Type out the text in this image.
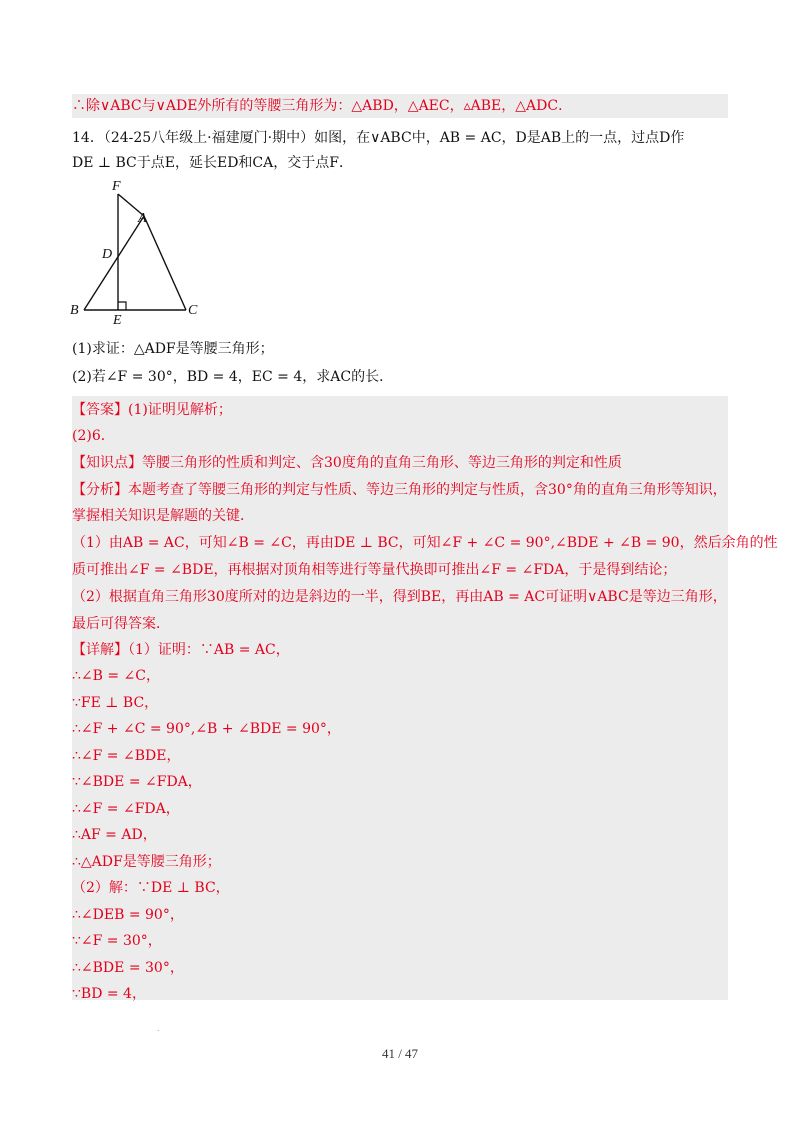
∴除∨ABC与∨ADE外所有的等腰三角形为：△ABD，△AEC，▵ABE，△ADC．
14．（24-25八年级上·福建厦门·期中）如图，在∨ABC中，AB = AC，D是AB上的一点，过点D作
DE ⊥ BC于点E，延长ED和CA，交于点F．
F
A
D
B	C
E
(1)求证：△ADF是等腰三角形；
(2)若∠F = 30°，BD = 4，EC = 4，求AC的长．
【答案】(1)证明见解析；
(2)6．
【知识点】等腰三角形的性质和判定、含30度角的直角三角形、等边三角形的判定和性质
【分析】本题考查了等腰三角形的判定与性质、等边三角形的判定与性质，含30°角的直角三角形等知识，
掌握相关知识是解题的关键．
（1）由AB = AC，可知∠B = ∠C，再由DE ⊥ BC，可知∠F + ∠C = 90°,∠BDE + ∠B = 90，然后余角的性
质可推出∠F = ∠BDE，再根据对顶角相等进行等量代换即可推出∠F = ∠FDA，于是得到结论；
（2）根据直角三角形30度所对的边是斜边的一半，得到BE，再由AB = AC可证明∨ABC是等边三角形，
最后可得答案．
【详解】（1）证明：∵AB = AC，
∴∠B = ∠C，
∵FE ⊥ BC，
∴∠F + ∠C = 90°,∠B + ∠BDE = 90°，
∴∠F = ∠BDE，
∵∠BDE = ∠FDA，
∴∠F = ∠FDA，
∴AF = AD，
∴△ADF是等腰三角形；
（2）解：∵DE ⊥ BC，
∴∠DEB = 90°，
∵∠F = 30°，
∴∠BDE = 30°，
∵BD = 4，
.
41 / 47
